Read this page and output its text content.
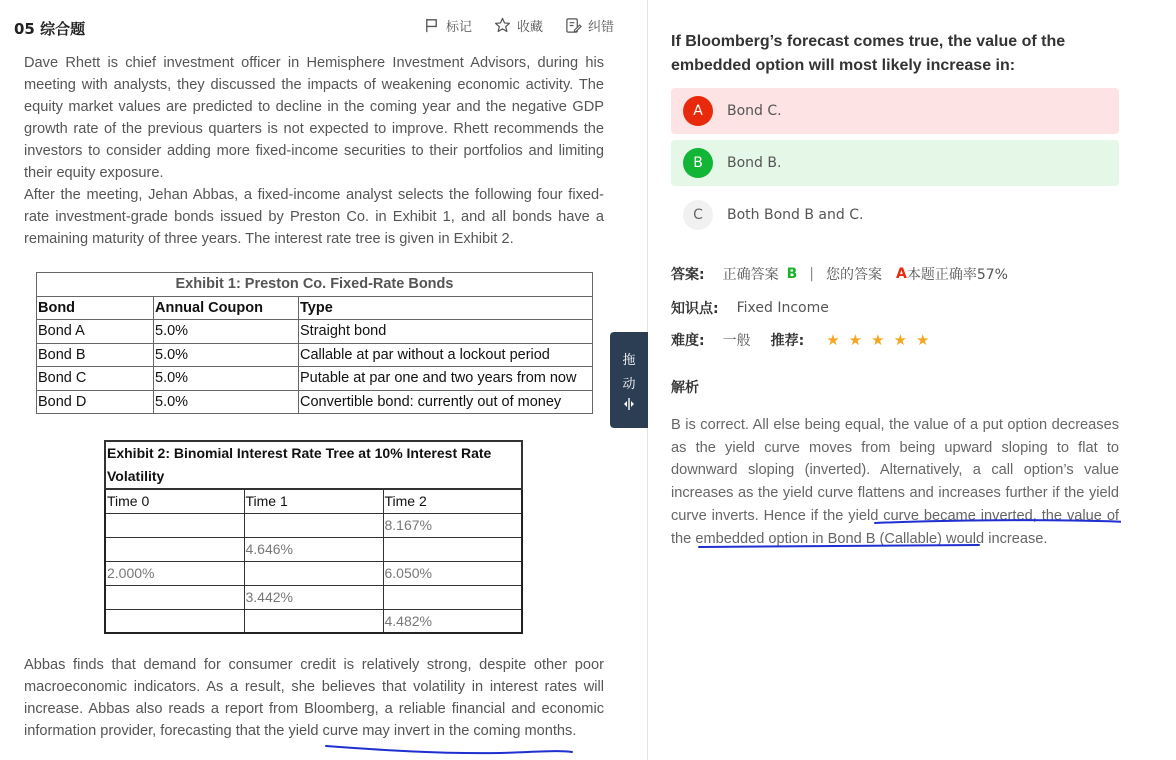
05 综合题	标记	收藏	纠错
Dave Rhett is chief investment officer in Hemisphere Investment Advisors, during his meeting with analysts, they discussed the impacts of weakening economic activity. The equity market values are predicted to decline in the coming year and the negative GDP growth rate of the previous quarters is not expected to improve. Rhett recommends the investors to consider adding more fixed-income securities to their portfolios and limiting their equity exposure.
After the meeting, Jehan Abbas, a fixed-income analyst selects the following four fixed-rate investment-grade bonds issued by Preston Co. in Exhibit 1, and all bonds have a remaining maturity of three years. The interest rate tree is given in Exhibit 2.
Exhibit 1: Preston Co. Fixed-Rate Bonds		
Bond	Annual Coupon	Type
Bond A	5.0%	Straight bond
Bond B	5.0%	Callable at par without a lockout period
Bond C	5.0%	Putable at par one and two years from now
Bond D	5.0%	Convertible bond: currently out of money
Exhibit 2: Binomial Interest Rate Tree at 10% Interest Rate Volatility		
Time 0	Time 1	Time 2
		8.167%
	4.646%	
2.000%		6.050%
	3.442%	
		4.482%
Abbas finds that demand for consumer credit is relatively strong, despite other poor macroeconomic indicators. As a result, she believes that volatility in interest rates will increase. Abbas also reads a report from Bloomberg, a reliable financial and economic information provider, forecasting that the yield curve may invert in the coming months.
拖
动
If Bloomberg’s forecast comes true, the value of the embedded option will most likely increase in:
A	Bond C.
B	Bond B.
C	Both Bond B and C.
答案: 正确答案 B | 您的答案 A 本题正确率57%
知识点: Fixed Income
难度: 一般 推荐: ★ ★ ★ ★ ★
解析
B is correct. All else being equal, the value of a put option decreases as the yield curve moves from being upward sloping to flat to downward sloping (inverted). Alternatively, a call option’s value increases as the yield curve flattens and increases further if the yield curve inverts. Hence if the yield curve became inverted, the value of the embedded option in Bond B (Callable) would increase.
